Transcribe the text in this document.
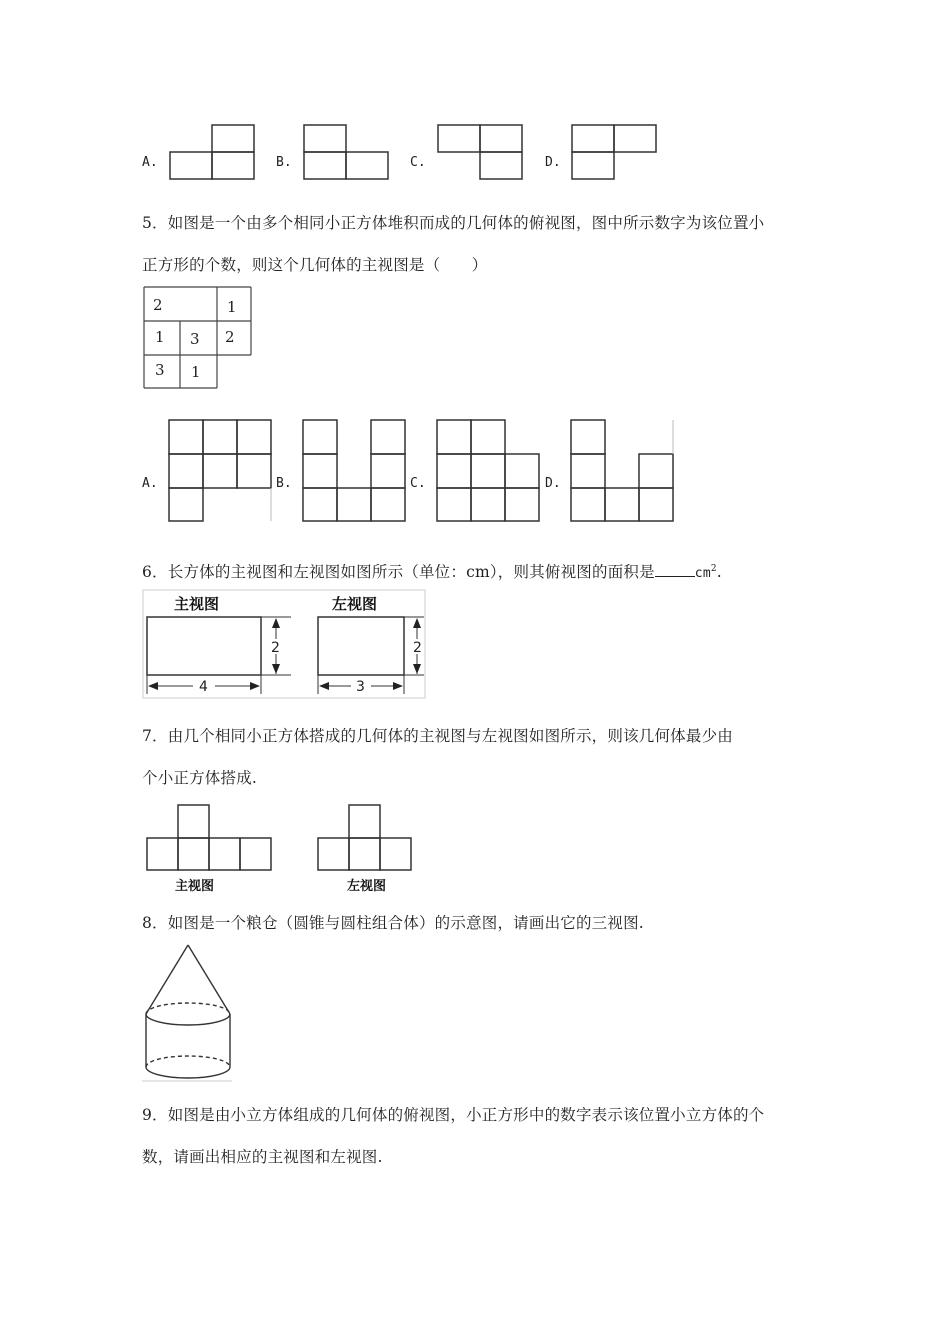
A.	B.	C.	D.
5．如图是一个由多个相同小正方体堆积而成的几何体的俯视图，图中所示数字为该位置小
正方形的个数，则这个几何体的主视图是（　　）
2	1
1 3 2
3 1
A.	B.	C.	D.
6．长方体的主视图和左视图如图所示（单位：cm），则其俯视图的面积是	$cm^2$.
主视图
2
4
左视图
2
3
7．由几个相同小正方体搭成的几何体的主视图与左视图如图所示，则该几何体最少由
个小正方体搭成.
主视图	左视图
8．如图是一个粮仓（圆锥与圆柱组合体）的示意图，请画出它的三视图.
9．如图是由小立方体组成的几何体的俯视图，小正方形中的数字表示该位置小立方体的个
数，请画出相应的主视图和左视图.
